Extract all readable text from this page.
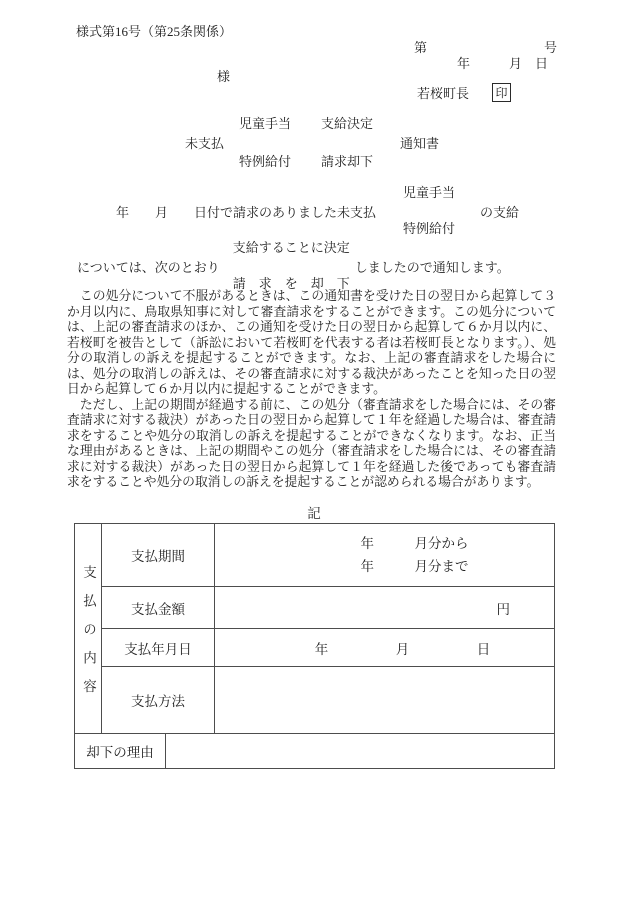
様式第16号（第25条関係）
第　　　　　　　　　号
年　　　月　日
様
若桜町長 印
未支払
児童手当
特例給付
支給決定
請求却下
通知書
年　　月　　日付で請求のありました未支払
児童手当
特例給付
の支給
については、次のとおり
支給することに決定
請　求　を　却　下
しましたので通知します。

　この処分について不服があるときは、この通知書を受けた日の翌日から起算して３か月以内に、鳥取県知事に対して審査請求をすることができます。この処分については、上記の審査請求のほか、この通知を受けた日の翌日から起算して６か月以内に、若桜町を被告として（訴訟において若桜町を代表する者は若桜町長となります。）、処分の取消しの訴えを提起することができます。なお、上記の審査請求をした場合には、処分の取消しの訴えは、その審査請求に対する裁決があったことを知った日の翌日から起算して６か月以内に提起することができます。

　ただし、上記の期間が経過する前に、この処分（審査請求をした場合には、その審査請求に対する裁決）があった日の翌日から起算して１年を経過した場合は、審査請求をすることや処分の取消しの訴えを提起することができなくなります。なお、正当な理由があるときは、上記の期間やこの処分（審査請求をした場合には、その審査請求に対する裁決）があった日の翌日から起算して１年を経過した後であっても審査請求をすることや処分の取消しの訴えを提起することが認められる場合があります。

記
支払の内容
支払期間
年　　　月分から
年　　　月分まで
支払金額	円
支払年月日	年　　　　　月　　　　　日
支払方法
却下の理由
